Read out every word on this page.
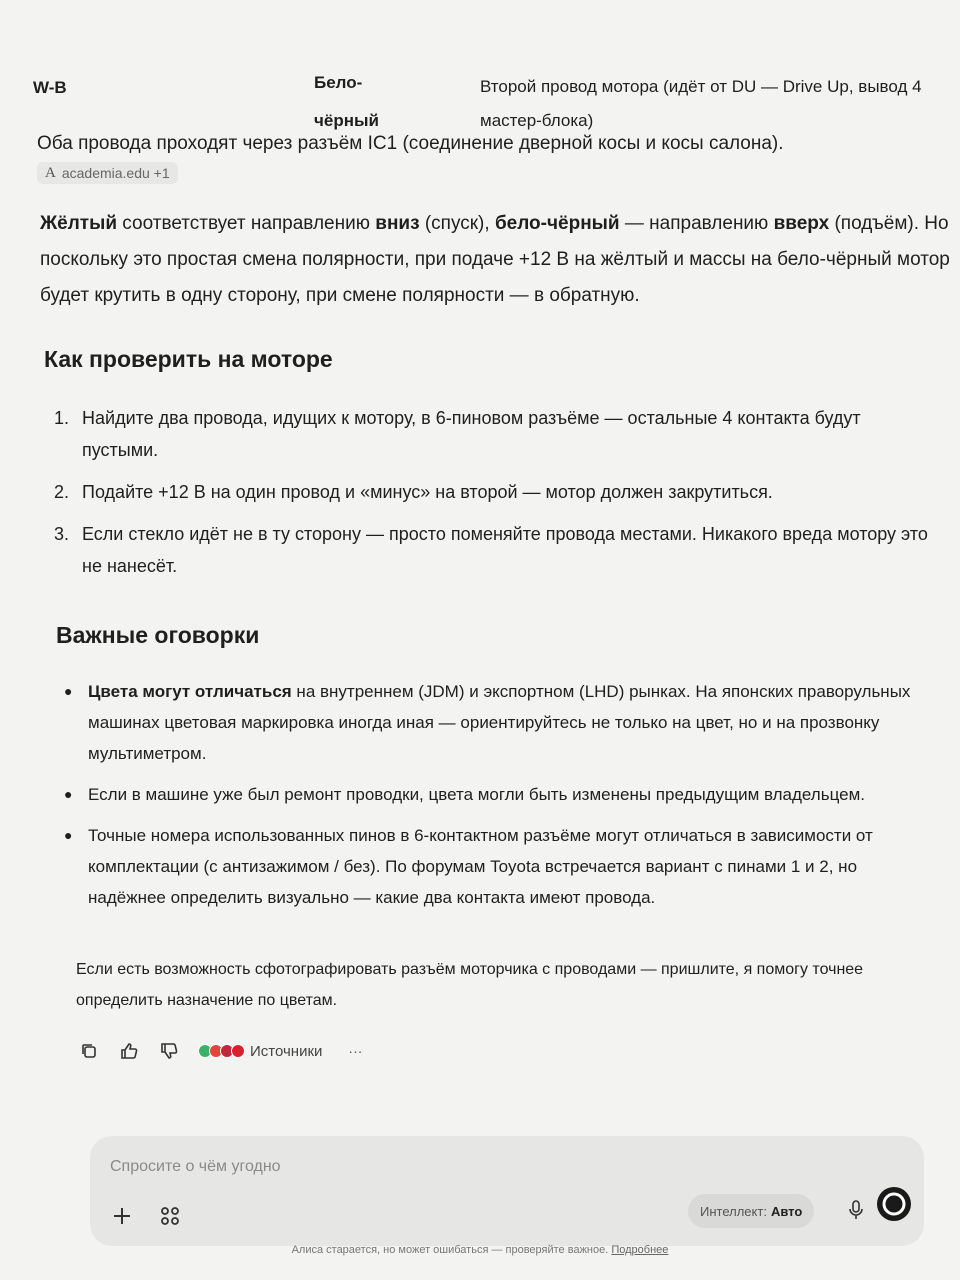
W-B	Бело-
чёрный
Второй провод мотора (идёт от DU — Drive Up, вывод 4 мастер-блока)
Оба провода проходят через разъём IC1 (соединение дверной косы и косы салона).
A academia.edu +1
Жёлтый соответствует направлению вниз (спуск), бело-чёрный — направлению вверх (подъём). Но поскольку это простая смена полярности, при подаче +12 В на жёлтый и массы на бело-чёрный мотор будет крутить в одну сторону, при смене полярности — в обратную.
Как проверить на моторе
1. Найдите два провода, идущих к мотору, в 6-пиновом разъёме — остальные 4 контакта будут пустыми.
2. Подайте +12 В на один провод и «минус» на второй — мотор должен закрутиться.
3. Если стекло идёт не в ту сторону — просто поменяйте провода местами. Никакого вреда мотору это не нанесёт.
Важные оговорки
● Цвета могут отличаться на внутреннем (JDM) и экспортном (LHD) рынках. На японских праворульных машинах цветовая маркировка иногда иная — ориентируйтесь не только на цвет, но и на прозвонку мультиметром.
● Если в машине уже был ремонт проводки, цвета могли быть изменены предыдущим владельцем.
● Точные номера использованных пинов в 6-контактном разъёме могут отличаться в зависимости от комплектации (с антизажимом / без). По форумам Toyota встречается вариант с пинами 1 и 2, но надёжнее определить визуально — какие два контакта имеют провода.
Если есть возможность сфотографировать разъём моторчика с проводами — пришлите, я помогу точнее определить назначение по цветам.
Источники	···
Спросите о чём угодно
Интеллект: Авто
Алиса старается, но может ошибаться — проверяйте важное. Подробнее
